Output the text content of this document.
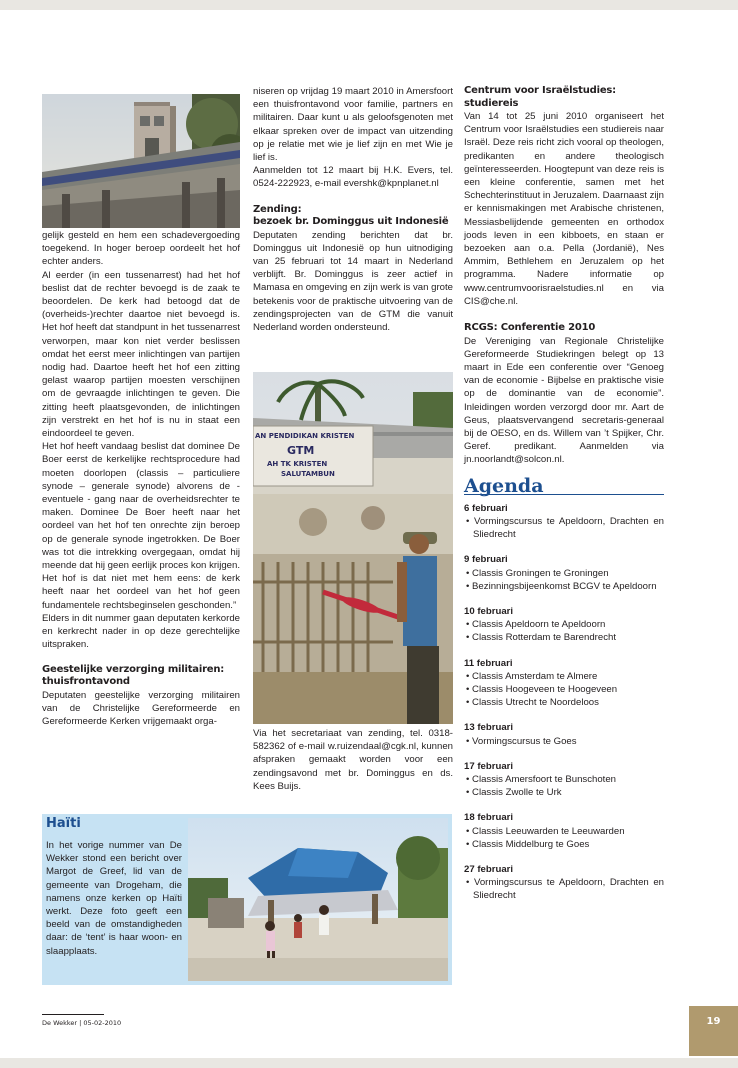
gelijk gesteld en hem een schadevergoeding toegekend. In hoger beroep oordeelt het hof echter anders.

Al eerder (in een tussenarrest) had het hof beslist dat de rechter bevoegd is de zaak te beoordelen. De kerk had betoogd dat de (overheids-)rechter daartoe niet bevoegd is. Het hof heeft dat standpunt in het tussenarrest verworpen, maar kon niet verder beslissen omdat het eerst meer inlichtingen van partijen nodig had. Daartoe heeft het hof een zitting gelast waarop partijen moesten verschijnen om de gevraagde inlichtingen te geven. Die zitting heeft plaatsgevonden, de inlichtingen zijn verstrekt en het hof is nu in staat een eindoordeel te geven.

Het hof heeft vandaag beslist dat dominee De Boer eerst de kerkelijke rechtsprocedure had moeten doorlopen (classis – particuliere synode – generale synode) alvorens de - eventuele - gang naar de overheidsrechter te maken. Dominee De Boer heeft naar het oordeel van het hof ten onrechte zijn beroep op de generale synode ingetrokken. De Boer was tot die intrekking overgegaan, omdat hij meende dat hij geen eerlijk proces kon krijgen. Het hof is dat niet met hem eens: de kerk heeft naar het oordeel van het hof geen fundamentele rechtsbeginselen geschonden.”

Elders in dit nummer gaan deputaten kerkorde en kerkrecht nader in op deze gerechtelijke uitspraken.

Geestelijke verzorging militairen:
thuisfrontavond

Deputaten geestelijke verzorging militairen van de Christelijke Gereformeerde en Gereformeerde Kerken vrijgemaakt orga-

niseren op vrijdag 19 maart 2010 in Amersfoort een thuisfrontavond voor familie, partners en militairen. Daar kunt u als geloofsgenoten met elkaar spreken over de impact van uitzending op je relatie met wie je lief zijn en met Wie je lief is.

Aanmelden tot 12 maart bij H.K. Evers, tel. 0524-222923, e-mail evershk@kpnplanet.nl

Zending:
bezoek br. Dominggus uit Indonesië

Deputaten zending berichten dat br. Dominggus uit Indonesië op hun uitnodiging van 25 februari tot 14 maart in Nederland verblijft. Br. Dominggus is zeer actief in Mamasa en omgeving en zijn werk is van grote betekenis voor de praktische uitvoering van de zendingsprojecten van de GTM die vanuit Nederland worden ondersteund.

AN PENDIDIKAN KRISTEN
GTM
AH TK KRISTEN
SALUTAMBUN

Via het secretariaat van zending, tel. 0318-582362 of e-mail w.ruizendaal@cgk.nl, kunnen afspraken gemaakt worden voor een zendingsavond met br. Dominggus en ds. Kees Buijs.

Centrum voor Israëlstudies: studiereis

Van 14 tot 25 juni 2010 organiseert het Centrum voor Israëlstudies een studiereis naar Israël. Deze reis richt zich vooral op theologen, predikanten en andere theologisch geïnteresseerden. Hoogtepunt van deze reis is een kleine conferentie, samen met het Schechterinstituut in Jeruzalem. Daarnaast zijn er kennismakingen met Arabische christenen, Messiasbelijdende gemeenten en orthodox joods leven in een kibboets, en staan er bezoeken aan o.a. Pella (Jordanië), Nes Ammim, Bethlehem en Jeruzalem op het programma. Nadere informatie op www.centrumvoorisraelstudies.nl en via CIS@che.nl.

RCGS: Conferentie 2010

De Vereniging van Regionale Christelijke Gereformeerde Studiekringen belegt op 13 maart in Ede een conferentie over “Genoeg van de economie - Bijbelse en praktische visie op de dominantie van de economie”. Inleidingen worden verzorgd door mr. Aart de Geus, plaatsvervangend secretaris-generaal bij de OESO, en ds. Willem van ’t Spijker, Chr. Geref. predikant. Aanmelden via jn.noorlandt@solcon.nl.

Agenda

6 februari

• Vormingscursus te Apeldoorn, Drachten en Sliedrecht

9 februari

• Classis Groningen te Groningen

• Bezinningsbijeenkomst BCGV te Apeldoorn

10 februari

• Classis Apeldoorn te Apeldoorn

• Classis Rotterdam te Barendrecht

11 februari

• Classis Amsterdam te Almere

• Classis Hoogeveen te Hoogeveen

• Classis Utrecht te Noordeloos

13 februari

• Vormingscursus te Goes

17 februari

• Classis Amersfoort te Bunschoten

• Classis Zwolle te Urk

18 februari

• Classis Leeuwarden te Leeuwarden

• Classis Middelburg te Goes

27 februari

• Vormingscursus te Apeldoorn, Drachten en Sliedrecht

Haïti
In het vorige nummer van De Wekker stond een bericht over Margot de Greef, lid van de gemeente van Drogeham, die namens onze kerken op Haïti werkt. Deze foto geeft een beeld van de omstandigheden daar: de ‘tent’ is haar woon- en slaapplaats.
De Wekker | 05-02-2010	19
